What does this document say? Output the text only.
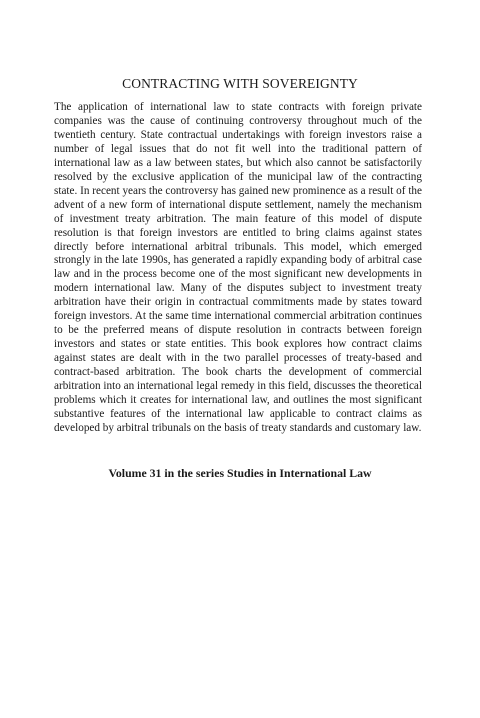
CONTRACTING WITH SOVEREIGNTY

The application of international law to state contracts with foreign private companies was the cause of continuing controversy throughout much of the twentieth century. State contractual undertakings with foreign investors raise a number of legal issues that do not fit well into the traditional pattern of international law as a law between states, but which also cannot be satisfactorily resolved by the exclusive application of the municipal law of the contracting state. In recent years the controversy has gained new prominence as a result of the advent of a new form of international dispute settlement, namely the mechanism of investment treaty arbitration. The main feature of this model of dispute resolution is that foreign investors are entitled to bring claims against states directly before international arbitral tribunals. This model, which emerged strongly in the late 1990s, has generated a rapidly expanding body of arbitral case law and in the process become one of the most significant new developments in modern international law. Many of the disputes subject to investment treaty arbitration have their origin in contractual commitments made by states toward foreign investors. At the same time international commercial arbitration continues to be the preferred means of dispute resolution in contracts between foreign investors and states or state entities. This book explores how contract claims against states are dealt with in the two parallel processes of treaty-based and contract-based arbitration. The book charts the development of commercial arbitration into an international legal remedy in this field, discusses the theoretical problems which it creates for international law, and outlines the most significant substantive features of the international law applicable to contract claims as developed by arbitral tribunals on the basis of treaty standards and customary law.

Volume 31 in the series Studies in International Law
